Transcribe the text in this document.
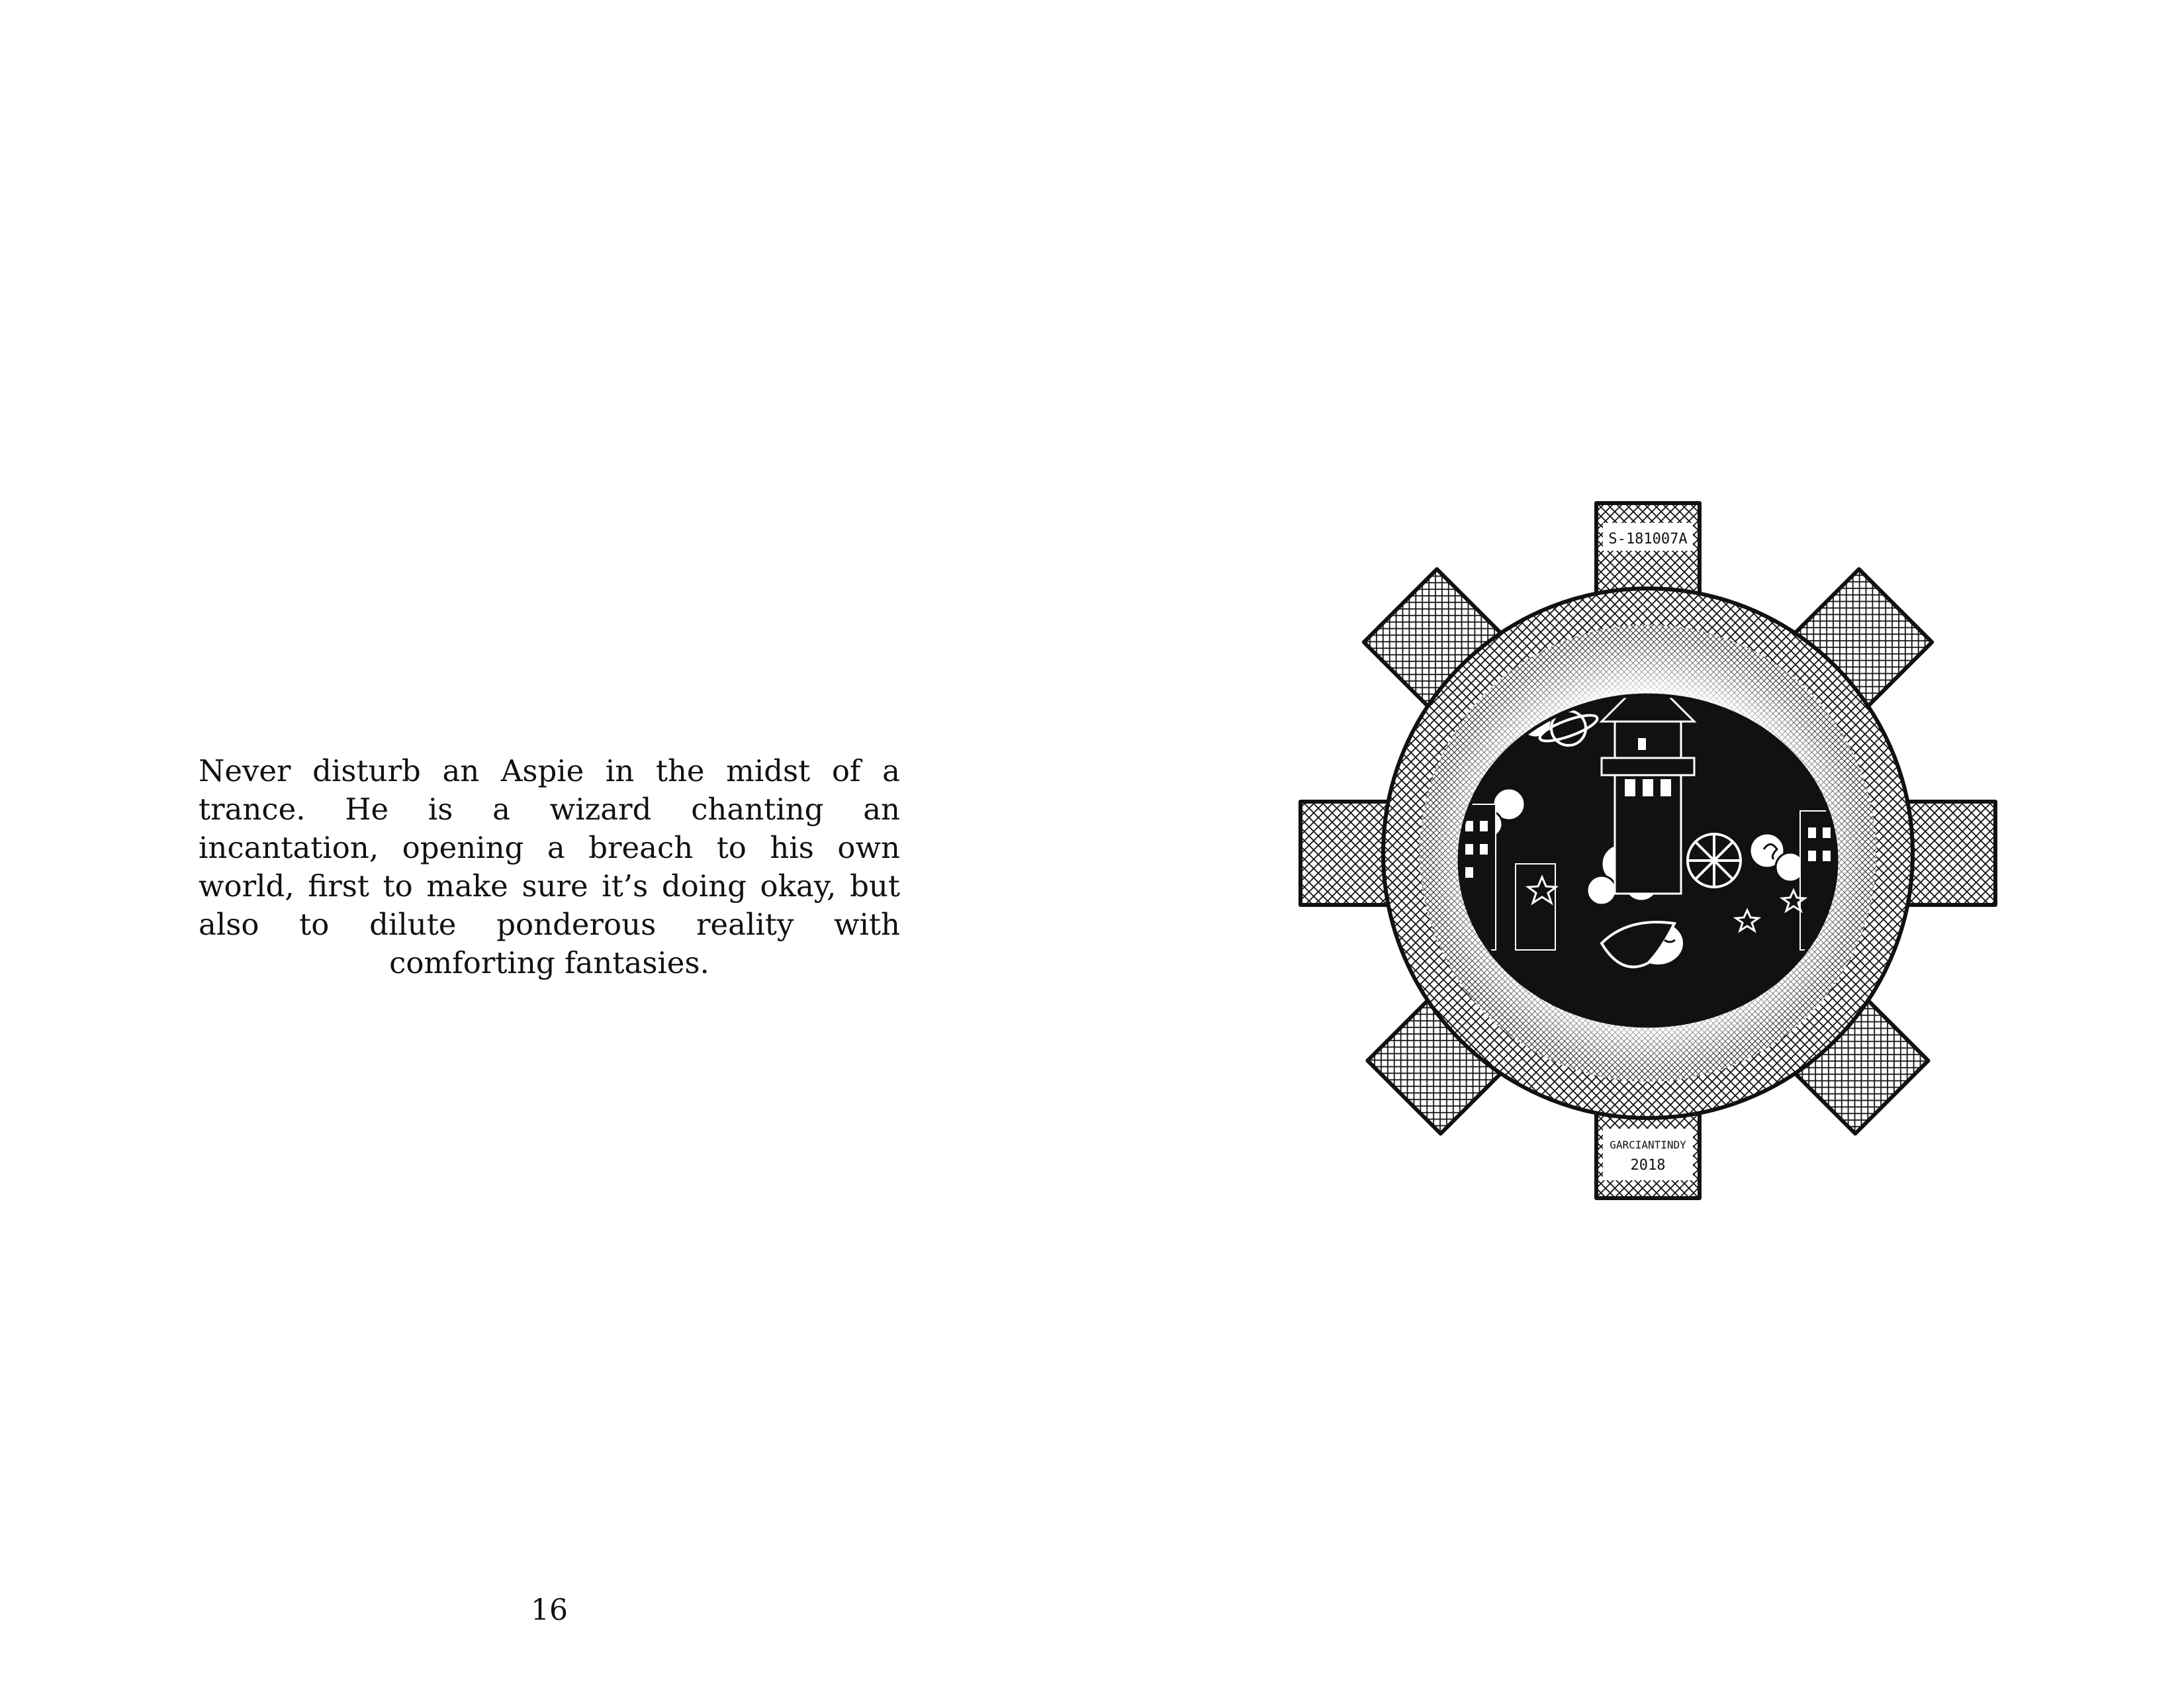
Never disturb an Aspie in the midst of a trance. He is a wizard chanting an incantation, opening a breach to his own world, first to make sure it’s doing okay, but also to dilute ponderous reality with comforting fantasies.

16
S-181007A
GARCIANTINDY
2018
